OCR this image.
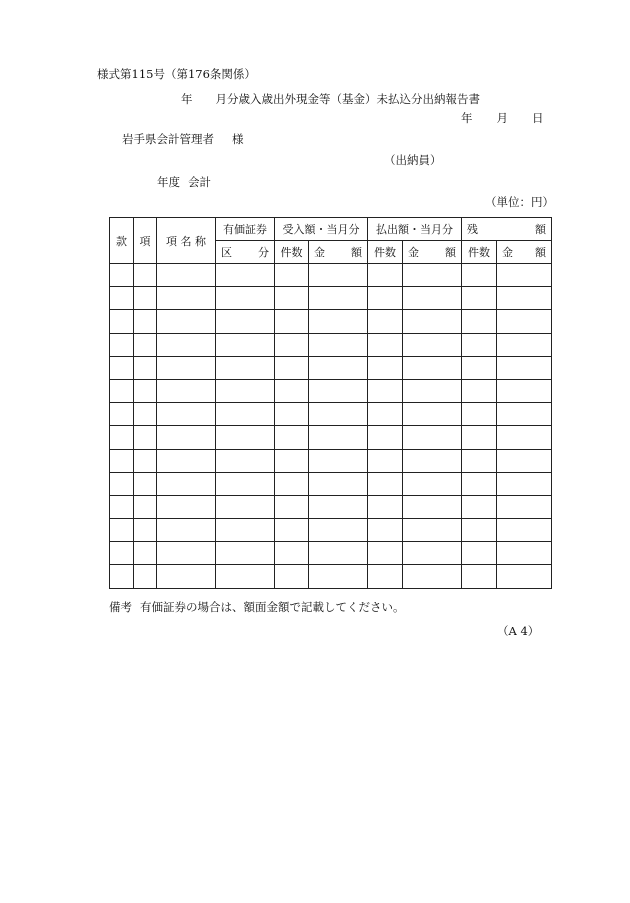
様式第115号（第176条関係）
年　　月分歳入歳出外現金等（基金）未払込分出納報告書
年 月 日
岩手県会計管理者 様
（出納員）
年度 会計
（単位：円）
款	項	項 名 称	有価証券	受入額・当月分		払出額・当月分		残 額	

			区 分	件数	金 額	件数	金 額	件数	金 額

備考 有価証券の場合は、額面金額で記載してください。
（A 4）
